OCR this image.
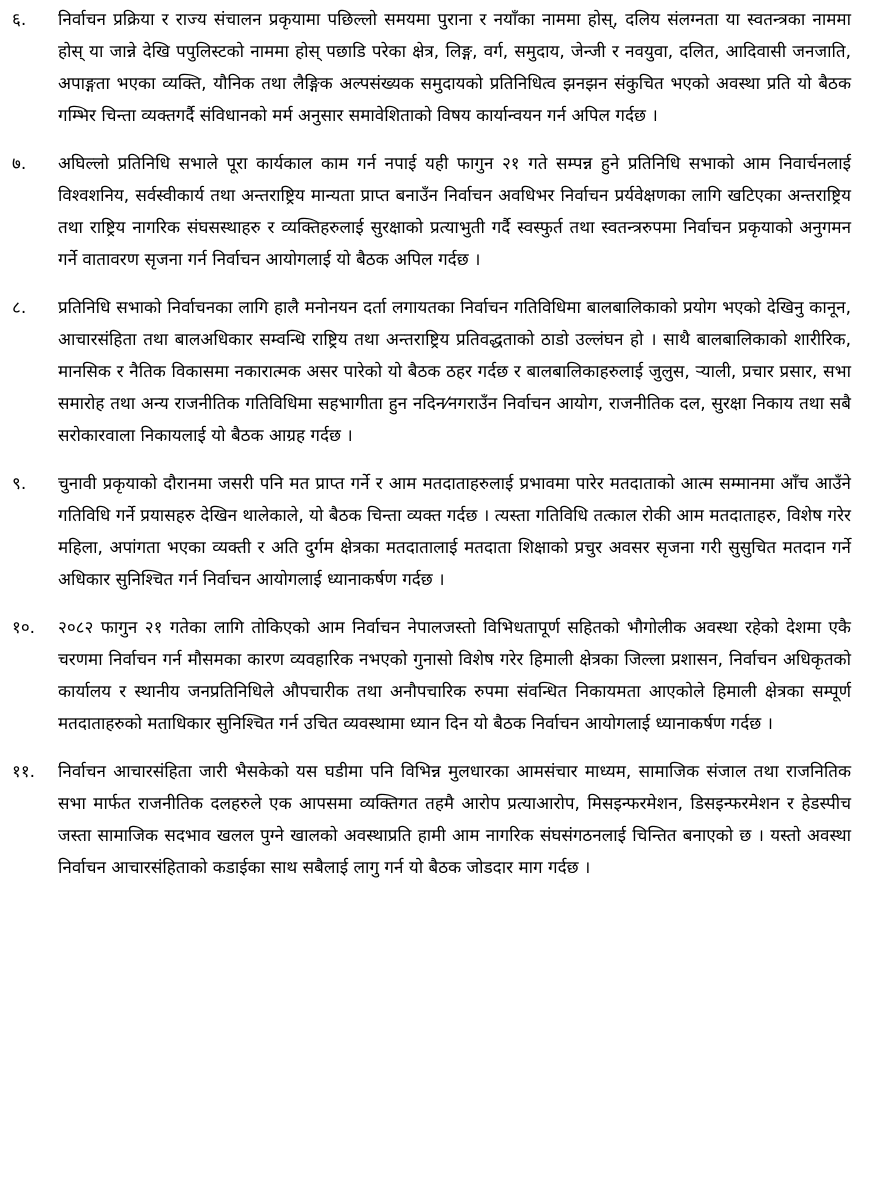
६.	निर्वाचन प्रक्रिया र राज्य संचालन प्रकृयामा पछिल्लो समयमा पुराना र नयाँका नाममा होस्, दलिय संलग्नता या स्वतन्त्रका नाममा होस् या जान्ने देखि पपुलिस्टको नाममा होस् पछाडि परेका क्षेत्र, लिङ्ग, वर्ग, समुदाय, जेन्जी र नवयुवा, दलित, आदिवासी जनजाति, अपाङ्गता भएका व्यक्ति, यौनिक तथा लैङ्गिक अल्पसंख्यक समुदायको प्रतिनिधित्व झनझन संकुचित भएको अवस्था प्रति यो बैठक गम्भिर चिन्ता व्यक्तगर्दै संविधानको मर्म अनुसार समावेशिताको विषय कार्यान्वयन गर्न अपिल गर्दछ ।
७.	अघिल्लो प्रतिनिधि सभाले पूरा कार्यकाल काम गर्न नपाई यही फागुन २१ गते सम्पन्न हुने प्रतिनिधि सभाको आम निवार्चनलाई विश्वशनिय, सर्वस्वीकार्य तथा अन्तराष्ट्रिय मान्यता प्राप्त बनाउँन निर्वाचन अवधिभर निर्वाचन प्रर्यवेक्षणका लागि खटिएका अन्तराष्ट्रिय तथा राष्ट्रिय नागरिक संघसस्थाहरु र व्यक्तिहरुलाई सुरक्षाको प्रत्याभुती गर्दै स्वस्फुर्त तथा स्वतन्त्ररुपमा निर्वाचन प्रकृयाको अनुगमन गर्ने वातावरण सृजना गर्न निर्वाचन आयोगलाई यो बैठक अपिल गर्दछ ।
८.	प्रतिनिधि सभाको निर्वाचनका लागि हालै मनोनयन दर्ता लगायतका निर्वाचन गतिविधिमा बालबालिकाको प्रयोग भएको देखिनु कानून, आचारसंहिता तथा बालअधिकार सम्वन्धि राष्ट्रिय तथा अन्तराष्ट्रिय प्रतिवद्धताको ठाडो उल्लंघन हो । साथै बालबालिकाको शारीरिक, मानसिक र नैतिक विकासमा नकारात्मक असर पारेको यो बैठक ठहर गर्दछ र बालबालिकाहरुलाई जुलुस, र्‍याली, प्रचार प्रसार, सभा समारोह तथा अन्य राजनीतिक गतिविधिमा सहभागीता हुन नदिन⁄नगराउँन निर्वाचन आयोग, राजनीतिक दल, सुरक्षा निकाय तथा सबै सरोकारवाला निकायलाई यो बैठक आग्रह गर्दछ ।
९.	चुनावी प्रकृयाको दौरानमा जसरी पनि मत प्राप्त गर्ने र आम मतदाताहरुलाई प्रभावमा पारेर मतदाताको आत्म सम्मानमा आँच आउँने गतिविधि गर्ने प्रयासहरु देखिन थालेकाले, यो बैठक चिन्ता व्यक्त गर्दछ । त्यस्ता गतिविधि तत्काल रोकी आम मतदाताहरु, विशेष गरेर महिला, अपांगता भएका व्यक्ती र अति दुर्गम क्षेत्रका मतदातालाई मतदाता शिक्षाको प्रचुर अवसर सृजना गरी सुसुचित मतदान गर्ने अधिकार सुनिश्चित गर्न निर्वाचन आयोगलाई ध्यानाकर्षण गर्दछ ।
१०.	२०८२ फागुन २१ गतेका लागि तोकिएको आम निर्वाचन नेपालजस्तो विभिधतापूर्ण सहितको भौगोलीक अवस्था रहेको देशमा एकै चरणमा निर्वाचन गर्न मौसमका कारण व्यवहारिक नभएको गुनासो विशेष गरेर हिमाली क्षेत्रका जिल्ला प्रशासन, निर्वाचन अधिकृतको कार्यालय र स्थानीय जनप्रतिनिधिले औपचारीक तथा अनौपचारिक रुपमा संवन्धित निकायमता आएकोले हिमाली क्षेत्रका सम्पूर्ण मतदाताहरुको मताधिकार सुनिश्चित गर्न उचित व्यवस्थामा ध्यान दिन यो बैठक निर्वाचन आयोगलाई ध्यानाकर्षण गर्दछ ।
११.	निर्वाचन आचारसंहिता जारी भैसकेको यस घडीमा पनि विभिन्न मुलधारका आमसंचार माध्यम, सामाजिक संजाल तथा राजनितिक सभा मार्फत राजनीतिक दलहरुले एक आपसमा व्यक्तिगत तहमै आरोप प्रत्याआरोप, मिसइन्फरमेशन, डिसइन्फरमेशन र हेडस्पीच जस्ता सामाजिक सदभाव खलल पुग्ने खालको अवस्थाप्रति हामी आम नागरिक संघसंगठनलाई चिन्तित बनाएको छ । यस्तो अवस्था निर्वाचन आचारसंहिताको कडाईका साथ सबैलाई लागु गर्न यो बैठक जोडदार माग गर्दछ ।
